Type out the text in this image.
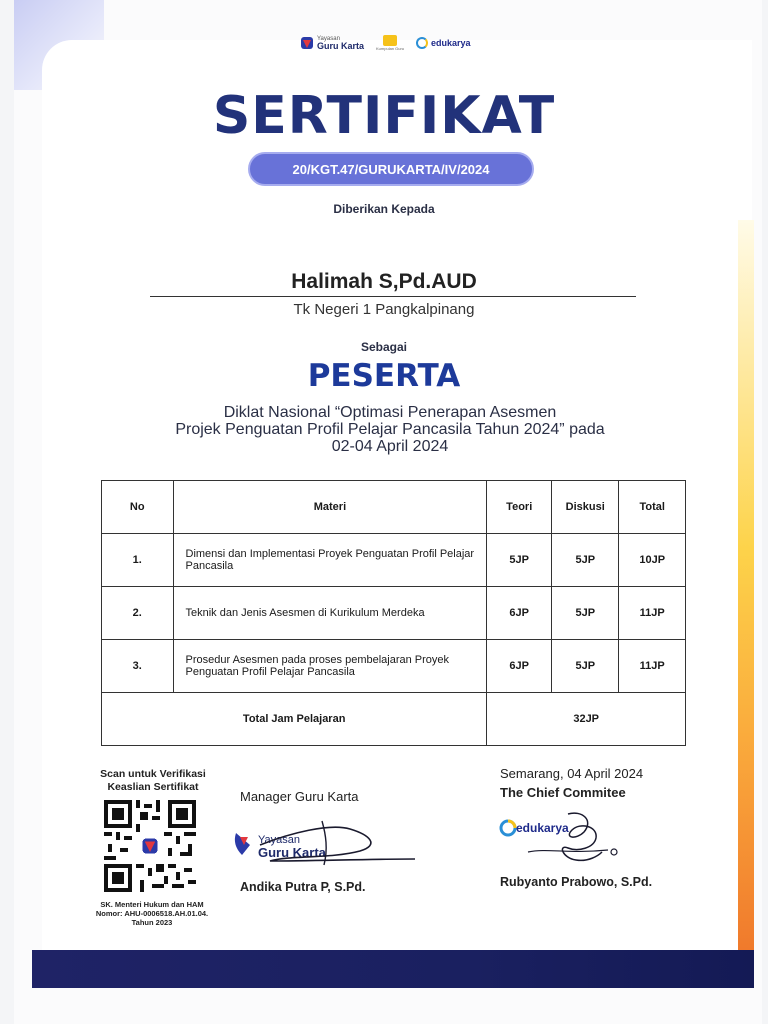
Yayasan
Guru Karta	Kumpulan Guru
edukarya
SERTIFIKAT
20/KGT.47/GURUKARTA/IV/2024
Diberikan Kepada
Halimah S,Pd.AUD
Tk Negeri 1 Pangkalpinang
Sebagai
PESERTA
Diklat Nasional “Optimasi Penerapan Asesmen
Projek Penguatan Profil Pelajar Pancasila Tahun 2024” pada
02-04 April 2024
No	Materi	Teori	Diskusi	Total
1.	Dimensi dan Implementasi Proyek Penguatan Profil Pelajar Pancasila	5JP	5JP	10JP
2.	Teknik dan Jenis Asesmen di Kurikulum Merdeka	6JP	5JP	11JP
3.	Prosedur Asesmen pada proses pembelajaran Proyek Penguatan Profil Pelajar Pancasila	6JP	5JP	11JP
Total Jam Pelajaran		32JP		
Scan untuk Verifikasi
Keaslian Sertifikat
SK. Menteri Hukum dan HAM
Nomor: AHU-0006518.AH.01.04.
Tahun 2023
Manager Guru Karta
Yayasan
Guru Karta
Andika Putra P, S.Pd.
Semarang, 04 April 2024
The Chief Commitee
edukarya
Rubyanto Prabowo, S.Pd.
